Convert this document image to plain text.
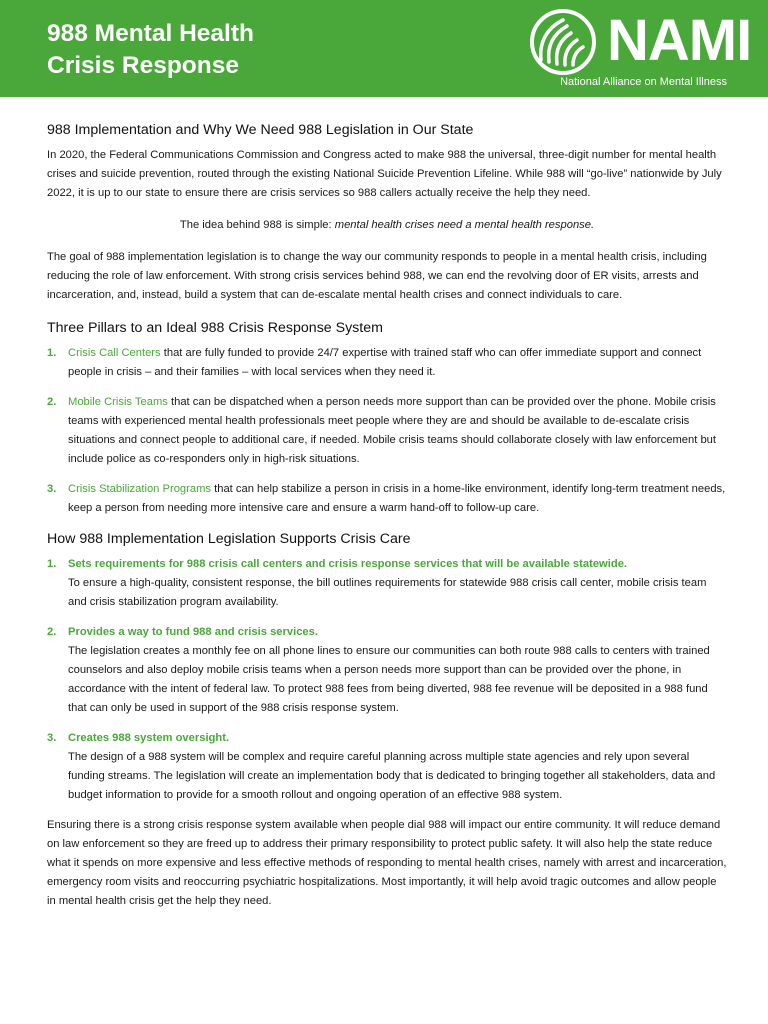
988 Mental Health
Crisis Response	NAMI
National Alliance on Mental Illness
988 Implementation and Why We Need 988 Legislation in Our State

In 2020, the Federal Communications Commission and Congress acted to make 988 the universal, three-digit number for mental health crises and suicide prevention, routed through the existing National Suicide Prevention Lifeline. While 988 will “go-live” nationwide by July 2022, it is up to our state to ensure there are crisis services so 988 callers actually receive the help they need.

The idea behind 988 is simple: mental health crises need a mental health response.

The goal of 988 implementation legislation is to change the way our community responds to people in a mental health crisis, including reducing the role of law enforcement. With strong crisis services behind 988, we can end the revolving door of ER visits, arrests and incarceration, and, instead, build a system that can de-escalate mental health crises and connect individuals to care.

Three Pillars to an Ideal 988 Crisis Response System
1. Crisis Call Centers that are fully funded to provide 24/7 expertise with trained staff who can offer immediate support and connect people in crisis – and their families – with local services when they need it.
2. Mobile Crisis Teams that can be dispatched when a person needs more support than can be provided over the phone. Mobile crisis teams with experienced mental health professionals meet people where they are and should be available to de-escalate crisis situations and connect people to additional care, if needed. Mobile crisis teams should collaborate closely with law enforcement but include police as co-responders only in high-risk situations.
3. Crisis Stabilization Programs that can help stabilize a person in crisis in a home-like environment, identify long-term treatment needs, keep a person from needing more intensive care and ensure a warm hand-off to follow-up care.
How 988 Implementation Legislation Supports Crisis Care
1. Sets requirements for 988 crisis call centers and crisis response services that will be available statewide.
To ensure a high-quality, consistent response, the bill outlines requirements for statewide 988 crisis call center, mobile crisis team and crisis stabilization program availability.
2. Provides a way to fund 988 and crisis services.
The legislation creates a monthly fee on all phone lines to ensure our communities can both route 988 calls to centers with trained counselors and also deploy mobile crisis teams when a person needs more support than can be provided over the phone, in accordance with the intent of federal law. To protect 988 fees from being diverted, 988 fee revenue will be deposited in a 988 fund that can only be used in support of the 988 crisis response system.
3. Creates 988 system oversight.
The design of a 988 system will be complex and require careful planning across multiple state agencies and rely upon several funding streams. The legislation will create an implementation body that is dedicated to bringing together all stakeholders, data and budget information to provide for a smooth rollout and ongoing operation of an effective 988 system.

Ensuring there is a strong crisis response system available when people dial 988 will impact our entire community. It will reduce demand on law enforcement so they are freed up to address their primary responsibility to protect public safety. It will also help the state reduce what it spends on more expensive and less effective methods of responding to mental health crises, namely with arrest and incarceration, emergency room visits and reoccurring psychiatric hospitalizations. Most importantly, it will help avoid tragic outcomes and allow people in mental health crisis get the help they need.
